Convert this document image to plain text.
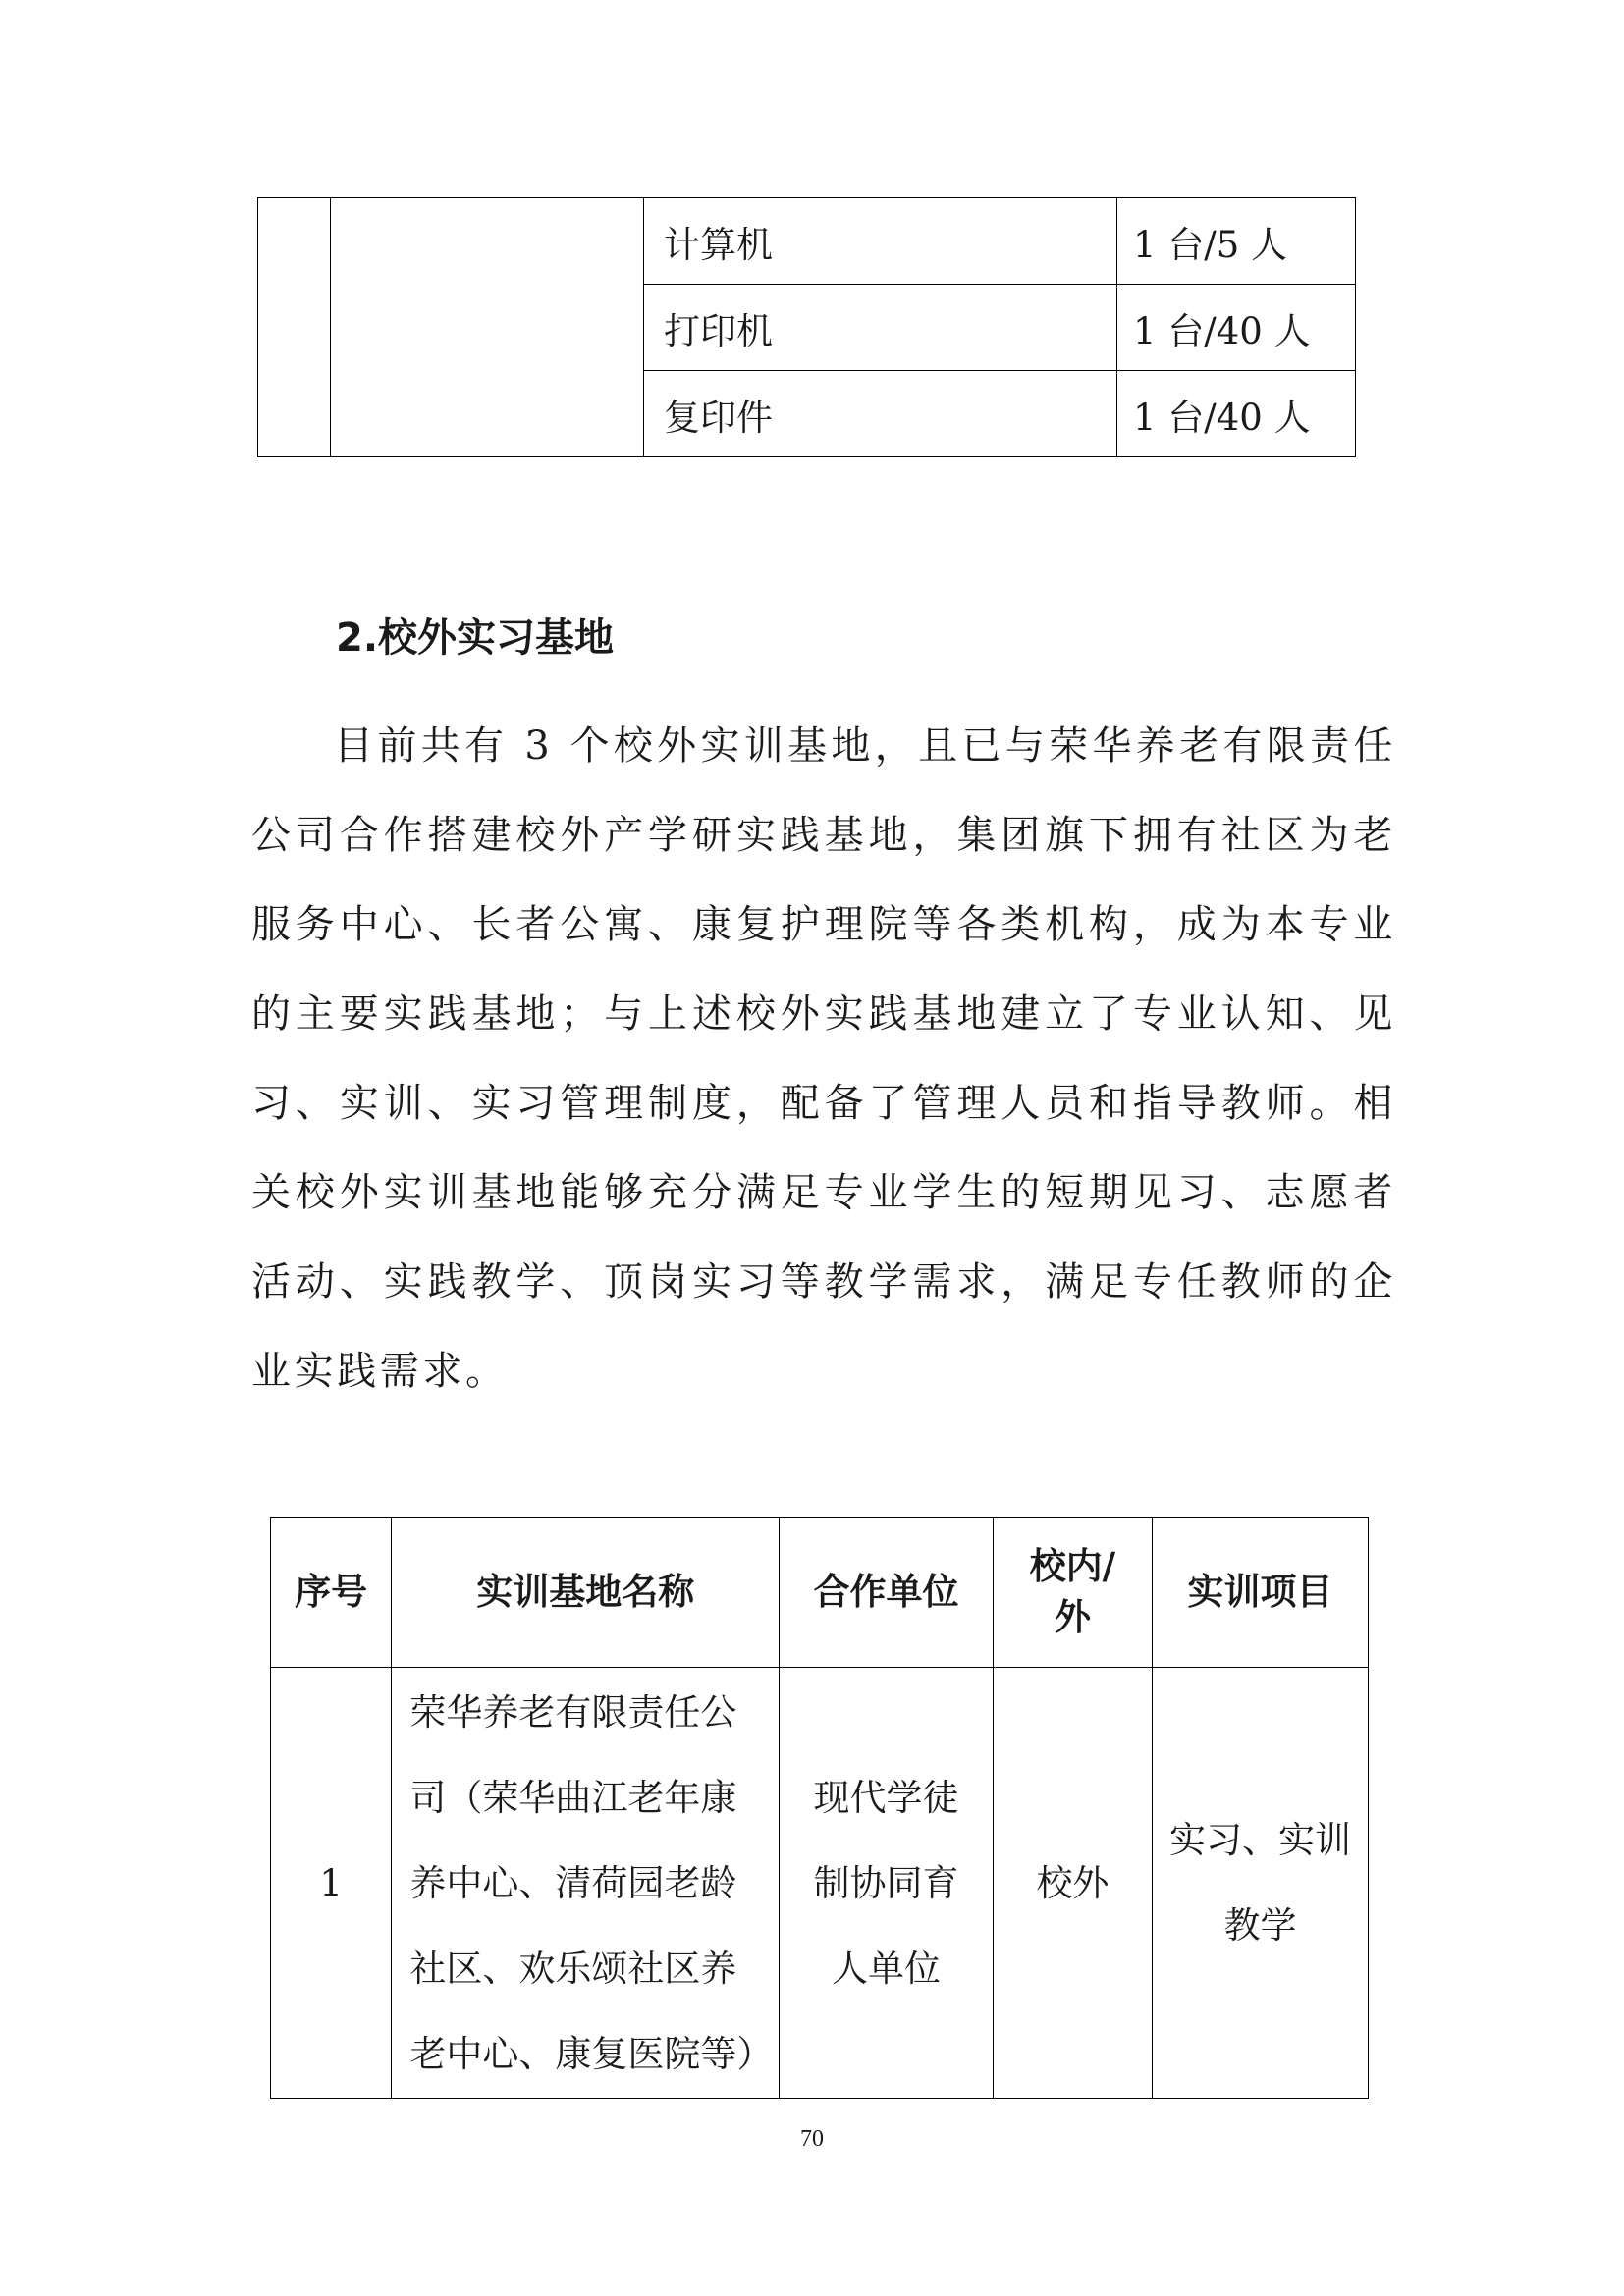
		计算机	1 台/5 人
		打印机	1 台/40 人
		复印件	1 台/40 人
2.校外实习基地

目前共有 3 个校外实训基地，且已与荣华养老有限责任公司合作搭建校外产学研实践基地，集团旗下拥有社区为老服务中心、长者公寓、康复护理院等各类机构，成为本专业的主要实践基地；与上述校外实践基地建立了专业认知、见习、实训、实习管理制度，配备了管理人员和指导教师。相关校外实训基地能够充分满足专业学生的短期见习、志愿者活动、实践教学、顶岗实习等教学需求，满足专任教师的企业实践需求。

序号	实训基地名称	合作单位	校内/
外	实训项目
1	荣华养老有限责任公
司（荣华曲江老年康
养中心、清荷园老龄
社区、欢乐颂社区养
老中心、康复医院等）	现代学徒
制协同育
人单位	校外	实习、实训
教学
70
